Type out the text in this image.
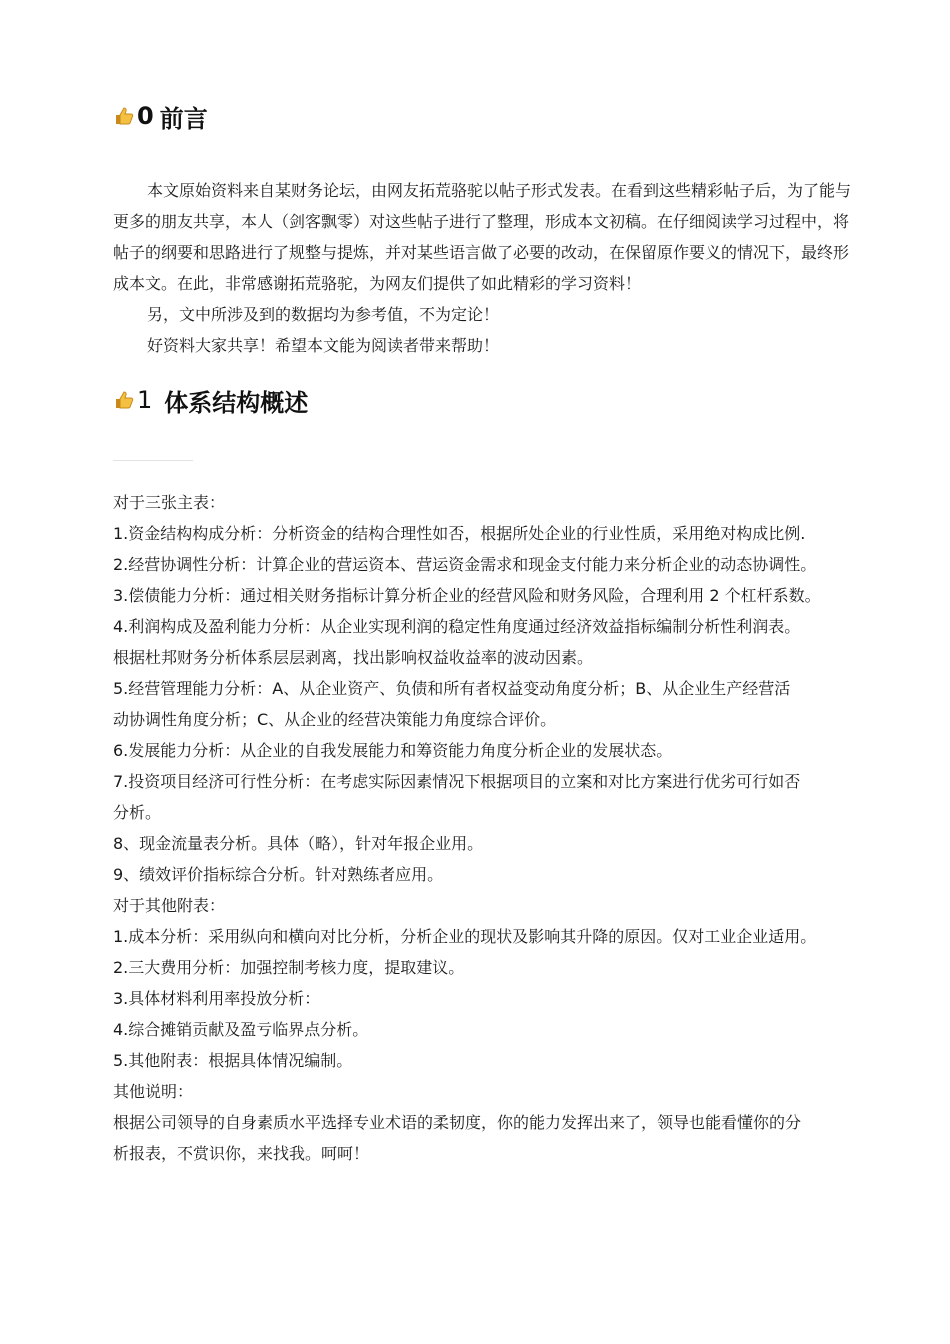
0 前言

本文原始资料来自某财务论坛，由网友拓荒骆驼以帖子形式发表。在看到这些精彩帖子后，为了能与更多的朋友共享，本人（剑客飘零）对这些帖子进行了整理，形成本文初稿。在仔细阅读学习过程中，将帖子的纲要和思路进行了规整与提炼，并对某些语言做了必要的改动，在保留原作要义的情况下，最终形成本文。在此，非常感谢拓荒骆驼，为网友们提供了如此精彩的学习资料！

另，文中所涉及到的数据均为参考值，不为定论！

好资料大家共享！希望本文能为阅读者带来帮助！

1 体系结构概述
对于三张主表：
1.资金结构构成分析：分析资金的结构合理性如否，根据所处企业的行业性质，采用绝对构成比例.
2.经营协调性分析：计算企业的营运资本、营运资金需求和现金支付能力来分析企业的动态协调性。
3.偿债能力分析：通过相关财务指标计算分析企业的经营风险和财务风险，合理利用 2 个杠杆系数。
4.利润构成及盈利能力分析：从企业实现利润的稳定性角度通过经济效益指标编制分析性利润表。
根据杜邦财务分析体系层层剥离，找出影响权益收益率的波动因素。
5.经营管理能力分析：A、从企业资产、负债和所有者权益变动角度分析；B、从企业生产经营活
动协调性角度分析；C、从企业的经营决策能力角度综合评价。
6.发展能力分析：从企业的自我发展能力和筹资能力角度分析企业的发展状态。
7.投资项目经济可行性分析：在考虑实际因素情况下根据项目的立案和对比方案进行优劣可行如否
分析。
8、现金流量表分析。具体（略），针对年报企业用。
9、绩效评价指标综合分析。针对熟练者应用。
对于其他附表：
1.成本分析：采用纵向和横向对比分析，分析企业的现状及影响其升降的原因。仅对工业企业适用。
2.三大费用分析：加强控制考核力度，提取建议。
3.具体材料利用率投放分析：
4.综合摊销贡献及盈亏临界点分析。
5.其他附表：根据具体情况编制。
其他说明：
根据公司领导的自身素质水平选择专业术语的柔韧度，你的能力发挥出来了，领导也能看懂你的分
析报表，不赏识你，来找我。呵呵！
